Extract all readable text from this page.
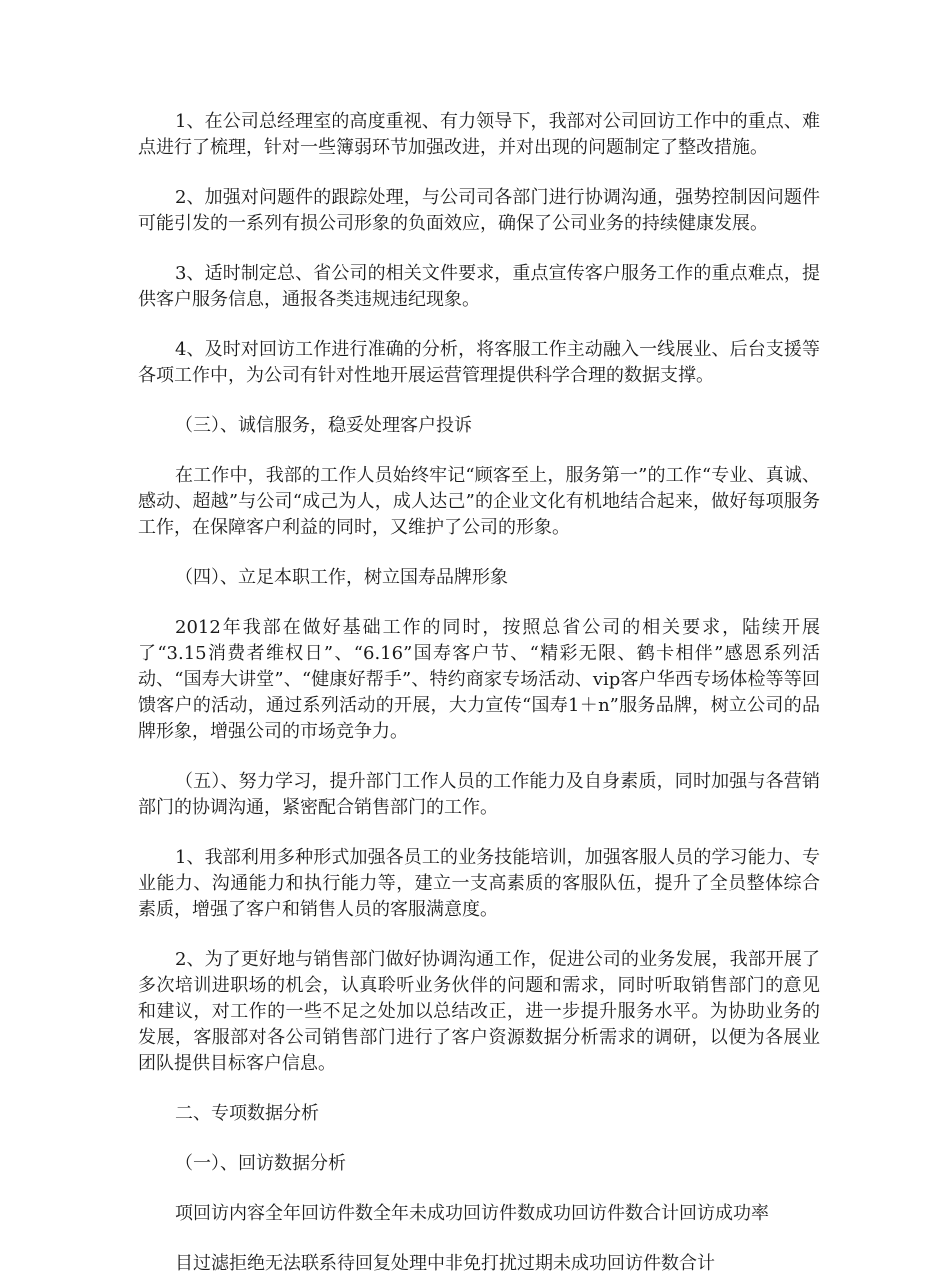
1、在公司总经理室的高度重视、有力领导下，我部对公司回访工作中的重点、难点进行了梳理，针对一些簿弱环节加强改进，并对出现的问题制定了整改措施。

2、加强对问题件的跟踪处理，与公司司各部门进行协调沟通，强势控制因问题件可能引发的一系列有损公司形象的负面效应，确保了公司业务的持续健康发展。

3、适时制定总、省公司的相关文件要求，重点宣传客户服务工作的重点难点，提供客户服务信息，通报各类违规违纪现象。

4、及时对回访工作进行准确的分析，将客服工作主动融入一线展业、后台支援等各项工作中，为公司有针对性地开展运营管理提供科学合理的数据支撑。

（三）、诚信服务，稳妥处理客户投诉

在工作中，我部的工作人员始终牢记“顾客至上，服务第一”的工作“专业、真诚、感动、超越”与公司“成己为人，成人达己”的企业文化有机地结合起来，做好每项服务工作，在保障客户利益的同时，又维护了公司的形象。

（四）、立足本职工作，树立国寿品牌形象

2012年我部在做好基础工作的同时，按照总省公司的相关要求，陆续开展了“3.15消费者维权日”、“6.16”国寿客户节、“精彩无限、鹤卡相伴”感恩系列活动、“国寿大讲堂”、“健康好帮手”、特约商家专场活动、vip客户华西专场体检等等回馈客户的活动，通过系列活动的开展，大力宣传“国寿1＋n”服务品牌，树立公司的品牌形象，增强公司的市场竞争力。

（五）、努力学习，提升部门工作人员的工作能力及自身素质，同时加强与各营销部门的协调沟通，紧密配合销售部门的工作。

1、我部利用多种形式加强各员工的业务技能培训，加强客服人员的学习能力、专业能力、沟通能力和执行能力等，建立一支高素质的客服队伍，提升了全员整体综合素质，增强了客户和销售人员的客服满意度。

2、为了更好地与销售部门做好协调沟通工作，促进公司的业务发展，我部开展了多次培训进职场的机会，认真聆听业务伙伴的问题和需求，同时听取销售部门的意见和建议，对工作的一些不足之处加以总结改正，进一步提升服务水平。为协助业务的发展，客服部对各公司销售部门进行了客户资源数据分析需求的调研，以便为各展业团队提供目标客户信息。

二、专项数据分析

（一）、回访数据分析

项回访内容全年回访件数全年未成功回访件数成功回访件数合计回访成功率

目过滤拒绝无法联系待回复处理中非免打扰过期未成功回访件数合计
